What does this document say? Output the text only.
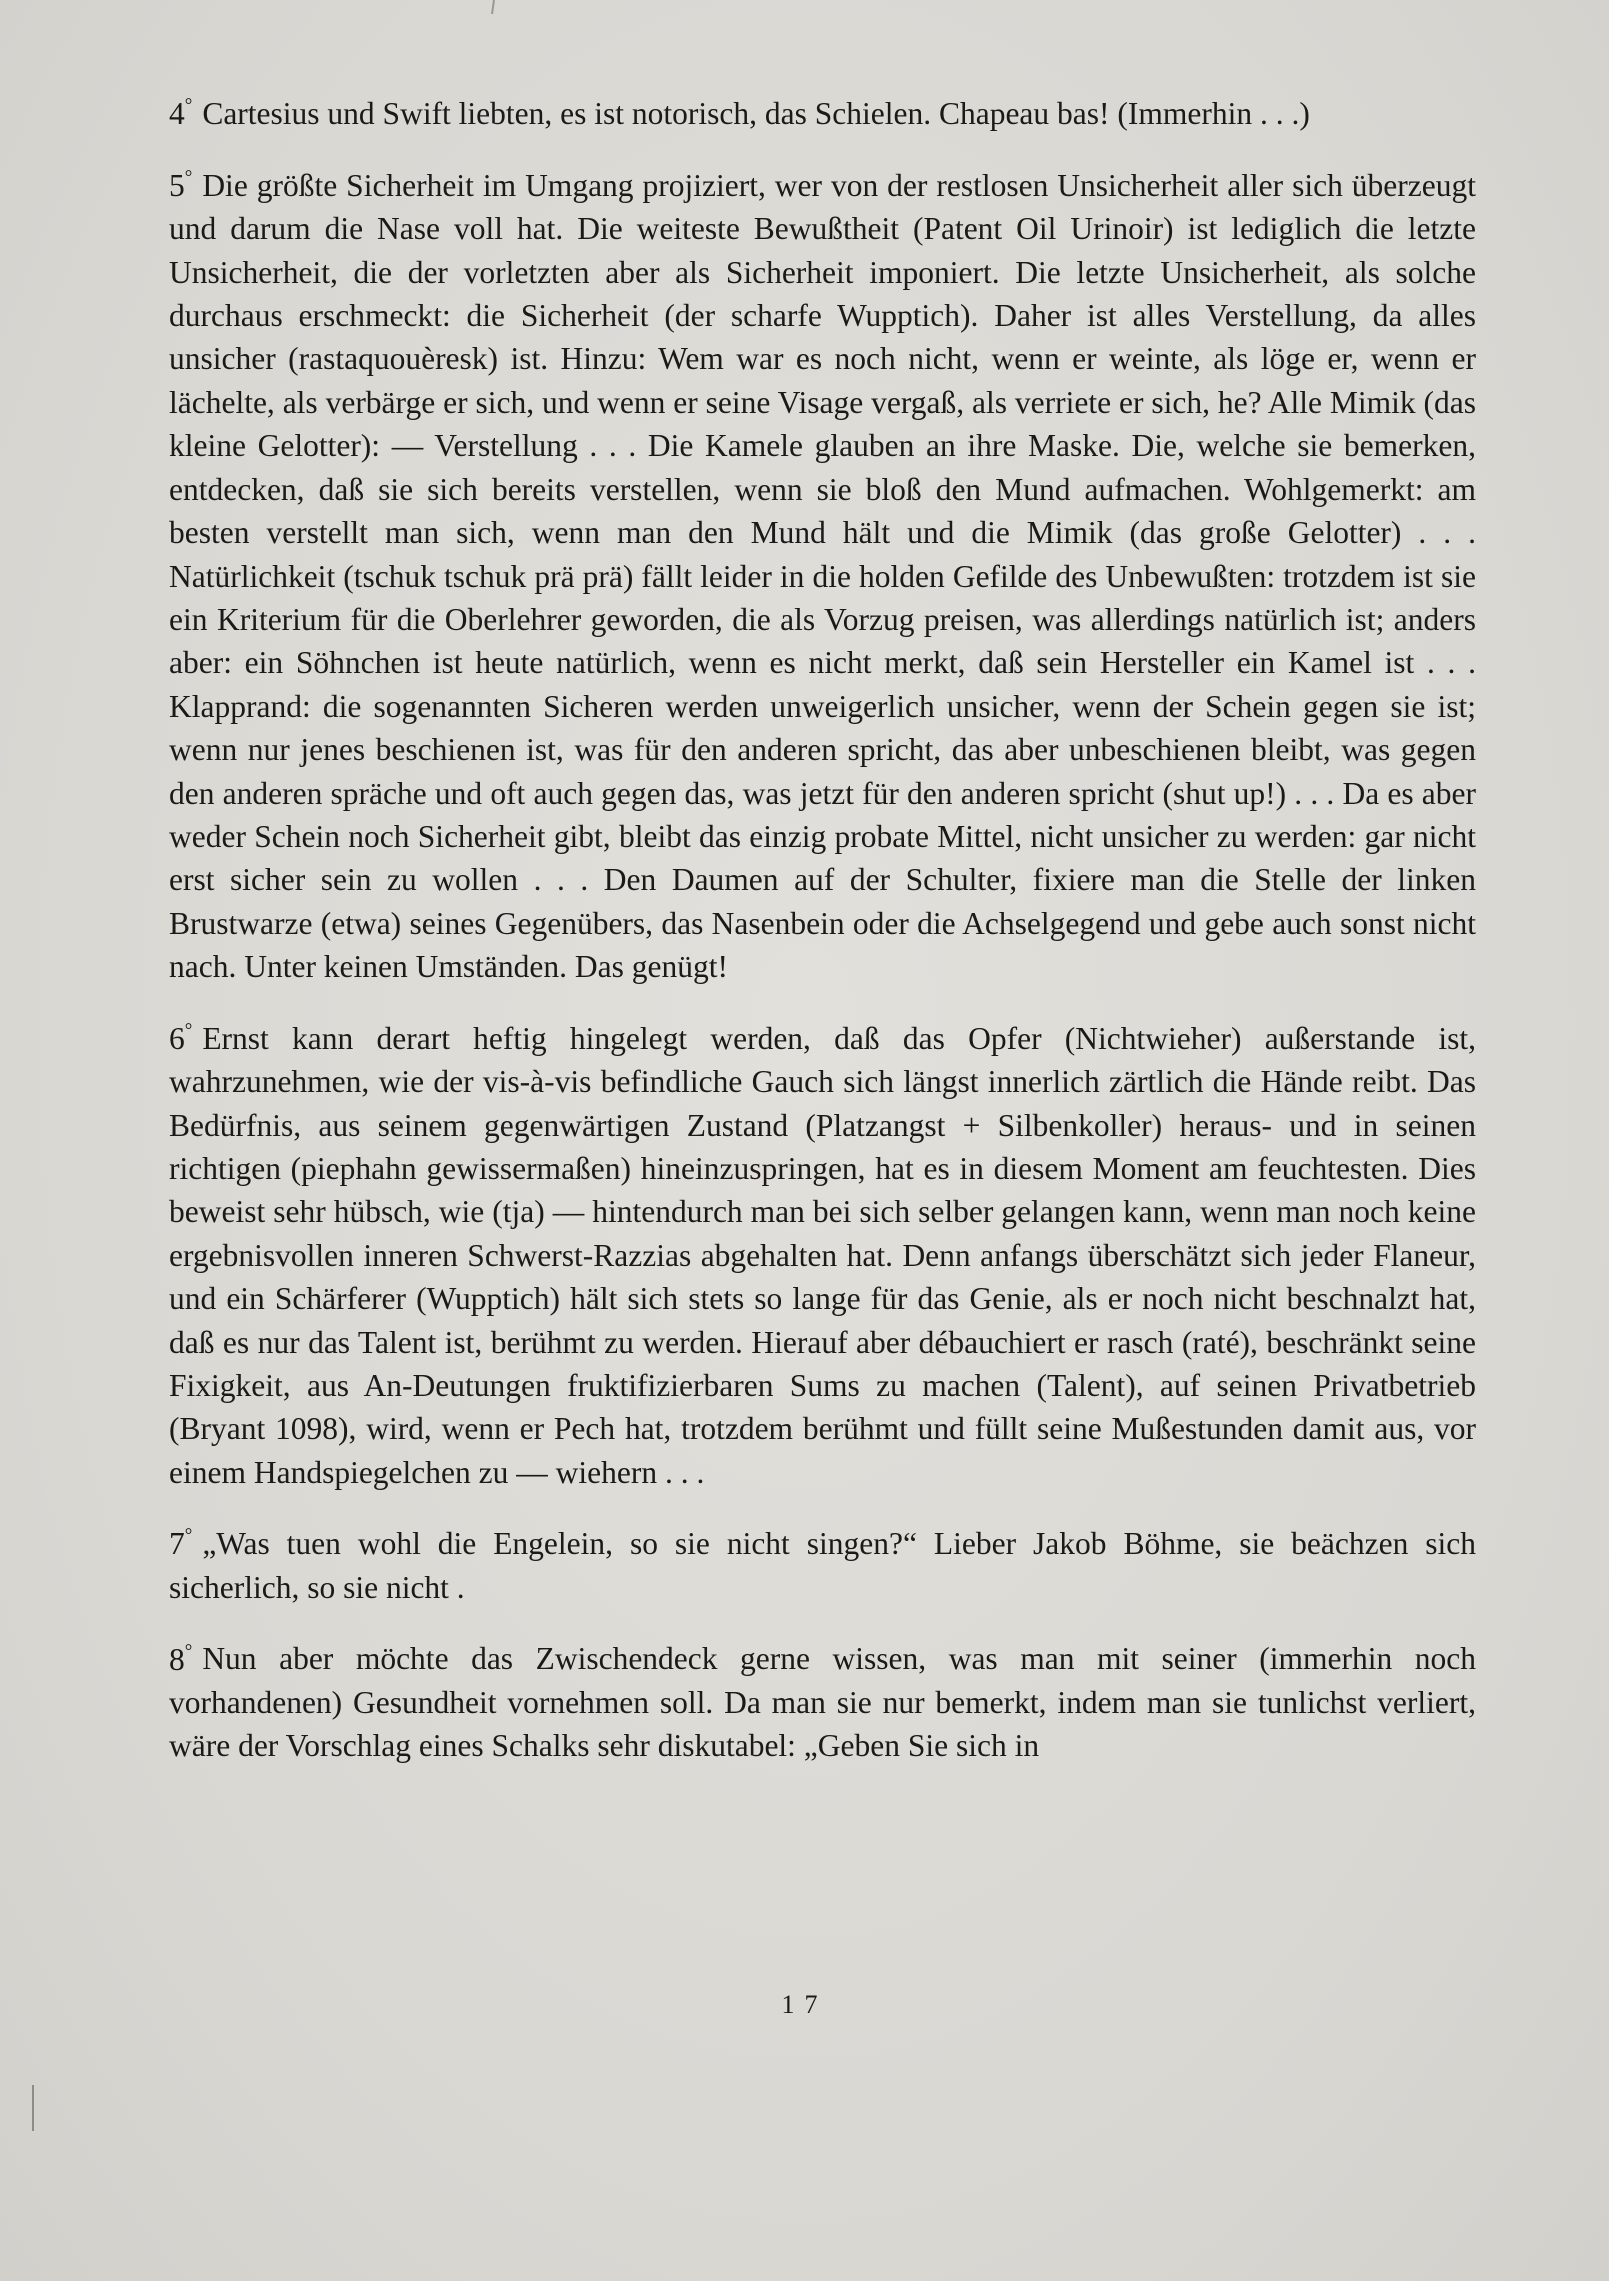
4° Cartesius und Swift liebten, es ist notorisch, das Schielen. Chapeau bas! (Immerhin . . .)

5° Die größte Sicherheit im Umgang projiziert, wer von der restlosen Unsicherheit aller sich überzeugt und darum die Nase voll hat. Die weiteste Bewußtheit (Patent Oil Urinoir) ist lediglich die letzte Unsicherheit, die der vorletzten aber als Sicherheit imponiert. Die letzte Unsicherheit, als solche durchaus erschmeckt: die Sicherheit (der scharfe Wupptich). Daher ist alles Verstellung, da alles unsicher (rastaquouèresk) ist. Hinzu: Wem war es noch nicht, wenn er weinte, als löge er, wenn er lächelte, als verbärge er sich, und wenn er seine Visage vergaß, als verriete er sich, he? Alle Mimik (das kleine Gelotter): — Verstellung . . . Die Kamele glauben an ihre Maske. Die, welche sie bemerken, entdecken, daß sie sich bereits verstellen, wenn sie bloß den Mund aufmachen. Wohlgemerkt: am besten verstellt man sich, wenn man den Mund hält und die Mimik (das große Gelotter) . . . Natürlichkeit (tschuk tschuk prä prä) fällt leider in die holden Gefilde des Unbewußten: trotzdem ist sie ein Kriterium für die Oberlehrer geworden, die als Vorzug preisen, was allerdings natürlich ist; anders aber: ein Söhnchen ist heute natürlich, wenn es nicht merkt, daß sein Hersteller ein Kamel ist . . . Klapprand: die sogenannten Sicheren werden unweigerlich unsicher, wenn der Schein gegen sie ist; wenn nur jenes beschienen ist, was für den anderen spricht, das aber unbeschienen bleibt, was gegen den anderen spräche und oft auch gegen das, was jetzt für den anderen spricht (shut up!) . . . Da es aber weder Schein noch Sicherheit gibt, bleibt das einzig probate Mittel, nicht unsicher zu werden: gar nicht erst sicher sein zu wollen . . . Den Daumen auf der Schulter, fixiere man die Stelle der linken Brustwarze (etwa) seines Gegenübers, das Nasenbein oder die Achselgegend und gebe auch sonst nicht nach. Unter keinen Umständen. Das genügt!

6° Ernst kann derart heftig hingelegt werden, daß das Opfer (Nichtwieher) außerstande ist, wahrzunehmen, wie der vis-à-vis befindliche Gauch sich längst innerlich zärtlich die Hände reibt. Das Bedürfnis, aus seinem gegenwärtigen Zustand (Platzangst + Silbenkoller) heraus- und in seinen richtigen (piephahn gewissermaßen) hineinzuspringen, hat es in diesem Moment am feuchtesten. Dies beweist sehr hübsch, wie (tja) — hintendurch man bei sich selber gelangen kann, wenn man noch keine ergebnisvollen inneren Schwerst-Razzias abgehalten hat. Denn anfangs überschätzt sich jeder Flaneur, und ein Schärferer (Wupptich) hält sich stets so lange für das Genie, als er noch nicht beschnalzt hat, daß es nur das Talent ist, berühmt zu werden. Hierauf aber débauchiert er rasch (raté), beschränkt seine Fixigkeit, aus An-Deutungen fruktifizierbaren Sums zu machen (Talent), auf seinen Privatbetrieb (Bryant 1098), wird, wenn er Pech hat, trotzdem berühmt und füllt seine Mußestunden damit aus, vor einem Handspiegelchen zu — wiehern . . .

7° „Was tuen wohl die Engelein, so sie nicht singen?“ Lieber Jakob Böhme, sie beächzen sich sicherlich, so sie nicht .

8° Nun aber möchte das Zwischendeck gerne wissen, was man mit seiner (immerhin noch vorhandenen) Gesundheit vornehmen soll. Da man sie nur bemerkt, indem man sie tunlichst verliert, wäre der Vorschlag eines Schalks sehr diskutabel: „Geben Sie sich in

17
